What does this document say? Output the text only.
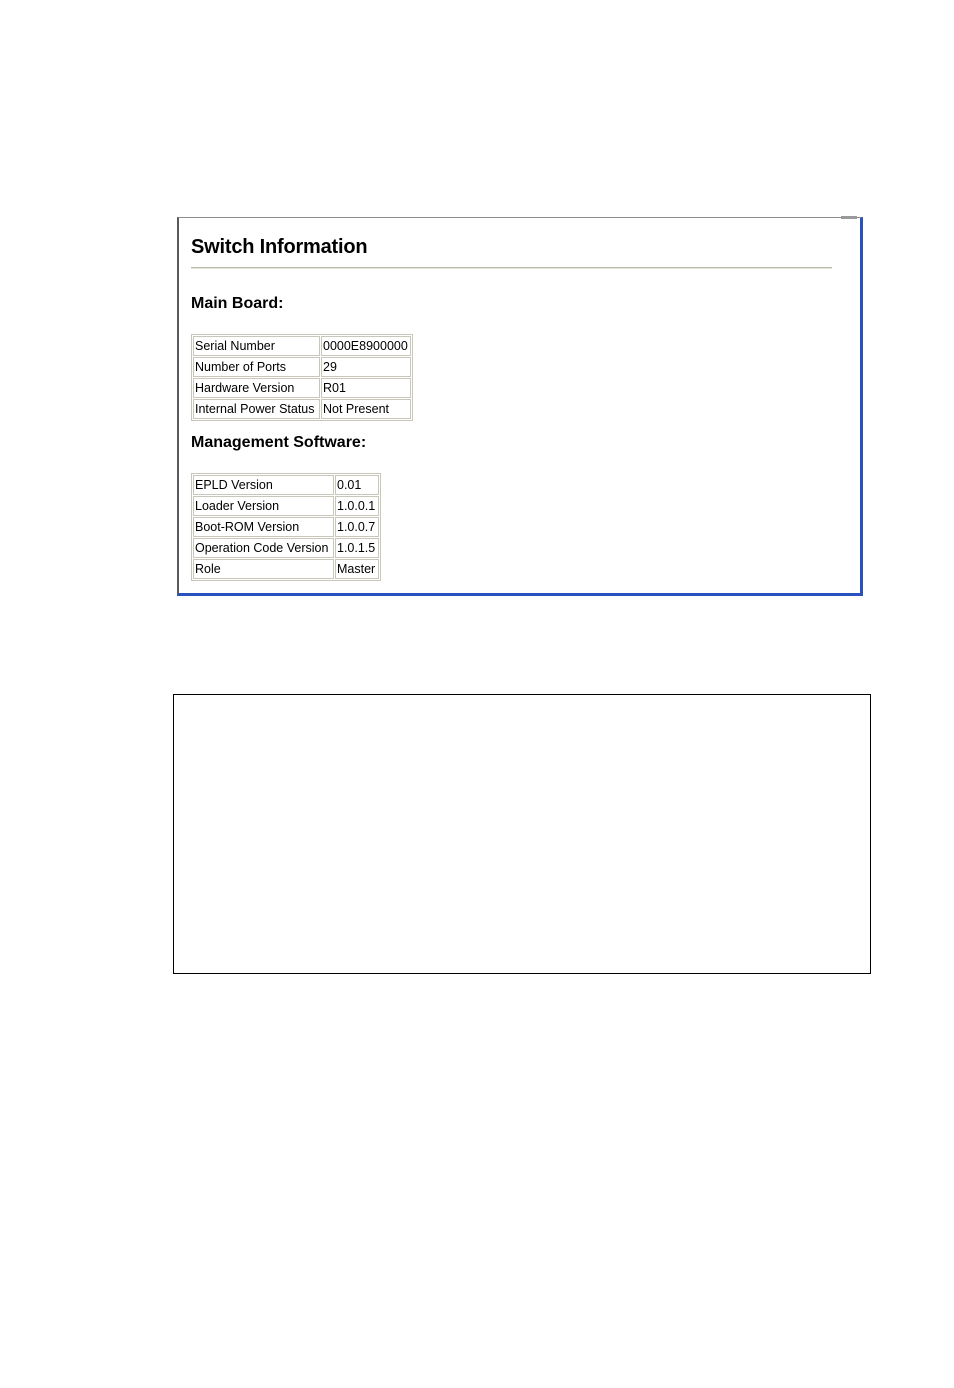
Switch Information
Main Board:
Serial Number	0000E8900000
Number of Ports	29
Hardware Version	R01
Internal Power Status	Not Present
Management Software:
EPLD Version	0.01
Loader Version	1.0.0.1
Boot-ROM Version	1.0.0.7
Operation Code Version	1.0.1.5
Role	Master
